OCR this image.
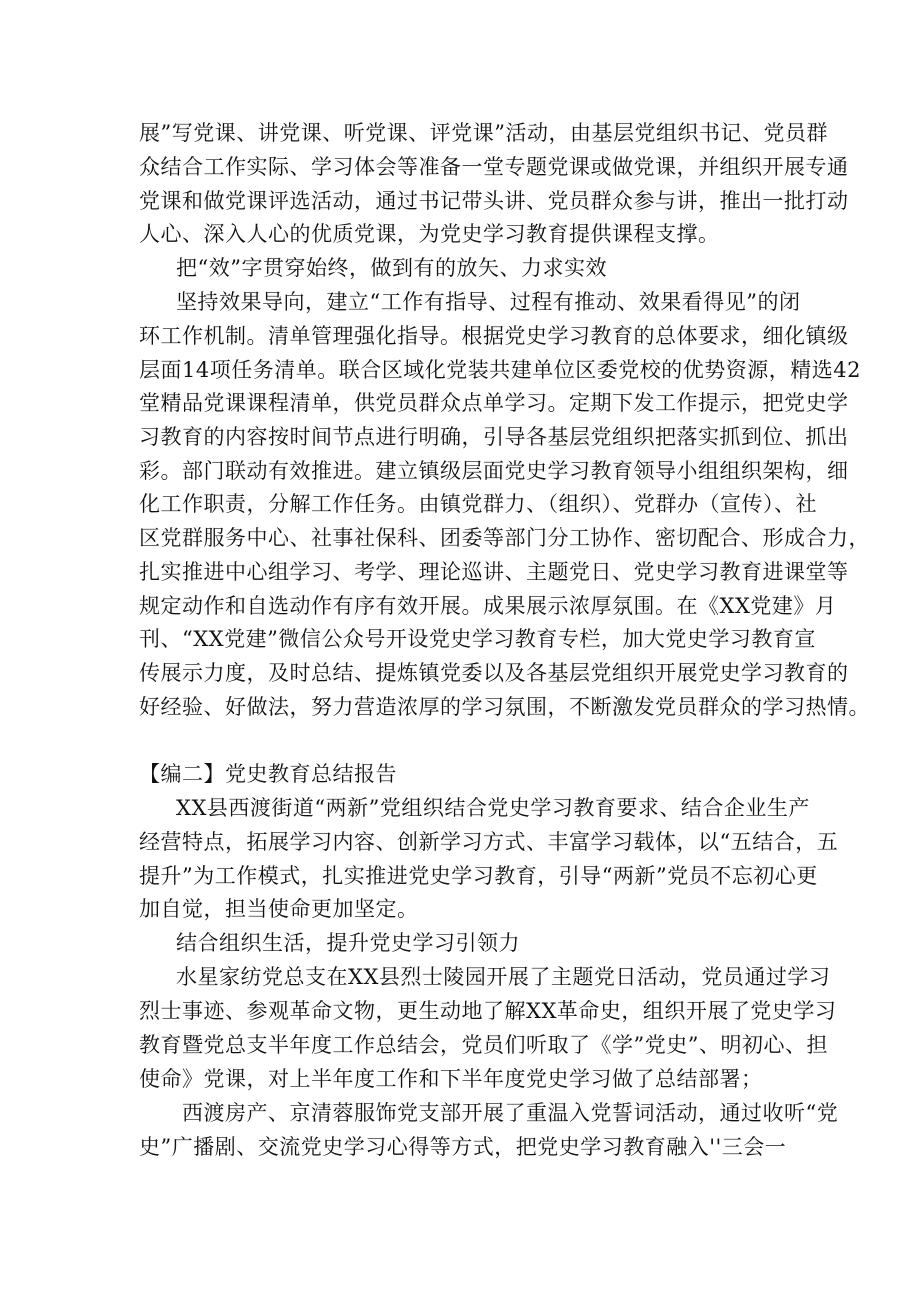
展”写党课、讲党课、听党课、评党课”活动，由基层党组织书记、党员群
众结合工作实际、学习体会等准备一堂专题党课或做党课，并组织开展专通
党课和做党课评选活动，通过书记带头讲、党员群众参与讲，推出一批打动
人心、深入人心的优质党课，为党史学习教育提供课程支撑。
把“效”字贯穿始终，做到有的放矢、力求实效
坚持效果导向，建立“工作有指导、过程有推动、效果看得见”的闭
环工作机制。清单管理强化指导。根据党史学习教育的总体要求，细化镇级
层面14项任务清单。联合区域化党装共建单位区委党校的优势资源，精选42
堂精品党课课程清单，供党员群众点单学习。定期下发工作提示，把党史学
习教育的内容按时间节点进行明确，引导各基层党组织把落实抓到位、抓出
彩。部门联动有效推进。建立镇级层面党史学习教育领导小组组织架构，细
化工作职责，分解工作任务。由镇党群力、（组织）、党群办（宣传）、社
区党群服务中心、社事社保科、团委等部门分工协作、密切配合、形成合力，
扎实推进中心组学习、考学、理论巡讲、主题党日、党史学习教育进课堂等
规定动作和自选动作有序有效开展。成果展示浓厚氛围。在《XX党建》月
刊、“XX党建”微信公众号开设党史学习教育专栏，加大党史学习教育宣
传展示力度，及时总结、提炼镇党委以及各基层党组织开展党史学习教育的
好经验、好做法，努力营造浓厚的学习氛围，不断激发党员群众的学习热情。
【编二】党史教育总结报告
XX县西渡街道“两新”党组织结合党史学习教育要求、结合企业生产
经营特点，拓展学习内容、创新学习方式、丰富学习载体，以“五结合，五
提升”为工作模式，扎实推进党史学习教育，引导“两新”党员不忘初心更
加自觉，担当使命更加坚定。
结合组织生活，提升党史学习引领力
水星家纺党总支在XX县烈士陵园开展了主题党日活动，党员通过学习
烈士事迹、参观革命文物，更生动地了解XX革命史，组织开展了党史学习
教育暨党总支半年度工作总结会，党员们听取了《学”党史”、明初心、担
使命》党课，对上半年度工作和下半年度党史学习做了总结部署；
西渡房产、京清蓉服饰党支部开展了重温入党誓词活动，通过收听“党
史”广播剧、交流党史学习心得等方式，把党史学习教育融入''三会一
